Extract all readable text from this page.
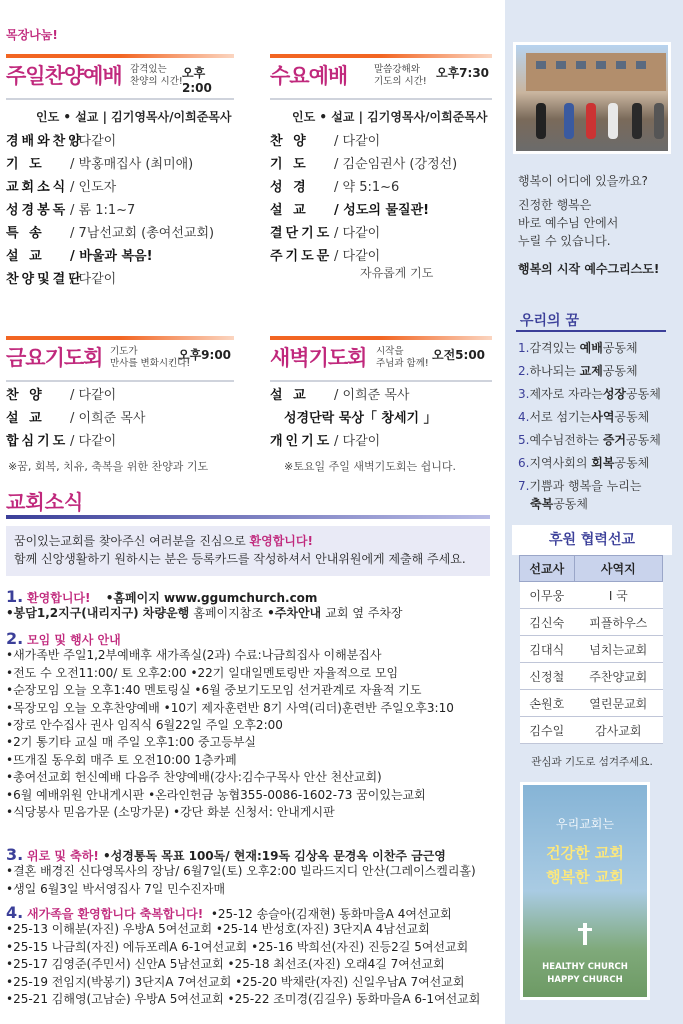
목장나눔!
주일찬양예배 감격있는
찬양의 시간!
오후2:00
인도 • 설교 | 김기영목사/이희준목사
경배와찬양/ 다같이
기 도 / 박홍매집사 (최미애)
교회소식 / 인도자
성경봉독 / 롬 1:1~7
특 송 / 7남선교회 (총여선교회)
설 교 / 바울과 복음!
찬양및결단/ 다같이
수요예배	말씀강해와
기도의 시간!
오후7:30
인도 • 설교 | 김기영목사/이희준목사
찬 양 / 다같이
기 도 / 김순임권사 (강정선)
성 경 / 약 5:1~6
설 교 / 성도의 물질관!
결단기도 / 다같이
주기도문 / 다같이
자유롭게 기도
금요기도회 기도가
만사를 변화시킨다!
오후9:00
찬 양 / 다같이
설 교 / 이희준 목사
합심기도 / 다같이
※꿈, 회복, 치유, 축복을 위한 찬양과 기도
새벽기도회 시작을
주님과 함께!
오전5:00
설 교 / 이희준 목사
성경단락 묵상「 창세기 」
개인기도 / 다같이
※토요일 주일 새벽기도회는 쉽니다.
교회소식
꿈이있는교회를 찾아주신 여러분을 진심으로 환영합니다!
함께 신앙생활하기 원하시는 분은 등록카드를 작성하셔서 안내위원에게 제출해 주세요.
1. 환영합니다! •홈페이지 www.ggumchurch.com
•봉담1,2지구(내리지구) 차량운행 홈페이지참조 •주차안내 교회 옆 주차장
2. 모임 및 행사 안내
•새가족반 주일1,2부예배후 새가족실(2과) 수료:나금희집사 이해분집사
•전도 수 오전11:00/ 토 오후2:00 •22기 일대일멘토링반 자율적으로 모임
•순장모임 오늘 오후1:40 멘토링실 •6월 중보기도모임 선거관계로 자율적 기도
•목장모임 오늘 오후찬양예배 •10기 제자훈련반 8기 사역(리더)훈련반 주일오후3:10
•장로 안수집사 권사 임직식 6월22일 주일 오후2:00
•2기 통기타 교실 매 주일 오후1:00 중고등부실
•뜨개질 동우회 매주 토 오전10:00 1층카페
•총여선교회 헌신예배 다음주 찬양예배(강사:김수구목사 안산 천산교회)
•6월 예배위원 안내게시판 •온라인헌금 농협355-0086-1602-73 꿈이있는교회
•식당봉사 믿음가문 (소망가문) •강단 화분 신청서: 안내게시판
3. 위로 및 축하! •성경통독 목표 100독/ 현재:19독 김상옥 문경옥 이찬주 금근영
•결혼 배경진 신다영목사의 장남/ 6월7일(토) 오후2:00 빌라드지디 안산(그레이스켈리홀)
•생일 6월3일 박서영집사 7일 민수진자매
4. 새가족을 환영합니다 축복합니다! •25-12 송슬아(김재현) 동화마을A 4여선교회
•25-13 이해분(자진) 우방A 5여선교회 •25-14 반성호(자진) 3단지A 4남선교회
•25-15 나금희(자진) 에듀포레A 6-1여선교회 •25-16 박희선(자진) 진등2길 5여선교회
•25-17 김영준(주민서) 신안A 5남선교회 •25-18 최선조(자진) 오래4길 7여선교회
•25-19 전임지(박봉기) 3단지A 7여선교회 •25-20 박채란(자진) 신일우남A 7여선교회
•25-21 김해영(고남순) 우방A 5여선교회 •25-22 조미경(김길우) 동화마을A 6-1여선교회
행복이 어디에 있을까요?
진정한 행복은
바로 예수님 안에서
누릴 수 있습니다.
행복의 시작 예수그리스도!
우리의 꿈
1.감격있는 예배공동체
2.하나되는 교제공동체
3.제자로 자라는성장공동체
4.서로 섬기는사역공동체
5.예수님전하는 증거공동체
6.지역사회의 회복공동체
7.기쁨과 행복을 누리는
축복공동체
후원 협력선교
선교사	사역지
이무웅	I 국
김신숙	피플하우스
김대식	넘치는교회
신정철	주찬양교회
손원호	열린문교회
김수일	감사교회
관심과 기도로 섬겨주세요.
우리교회는
건강한 교회
행복한 교회
HEALTHY CHURCH
HAPPY CHURCH
